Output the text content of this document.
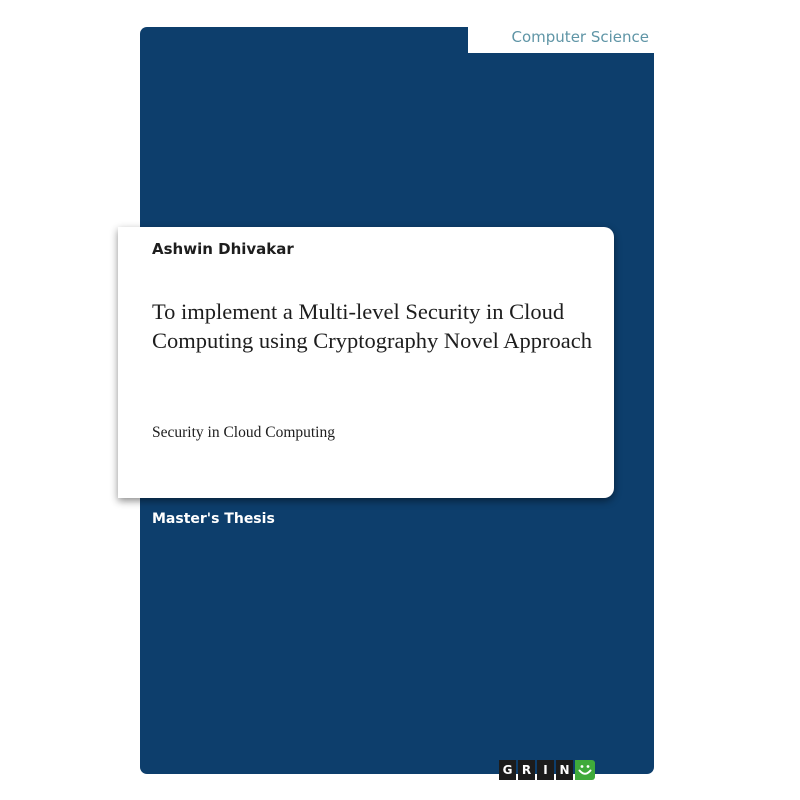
Computer Science
Ashwin Dhivakar
To implement a Multi-level Security in Cloud Computing using Cryptography Novel Approach
Security in Cloud Computing
Master's Thesis
G R	I N
